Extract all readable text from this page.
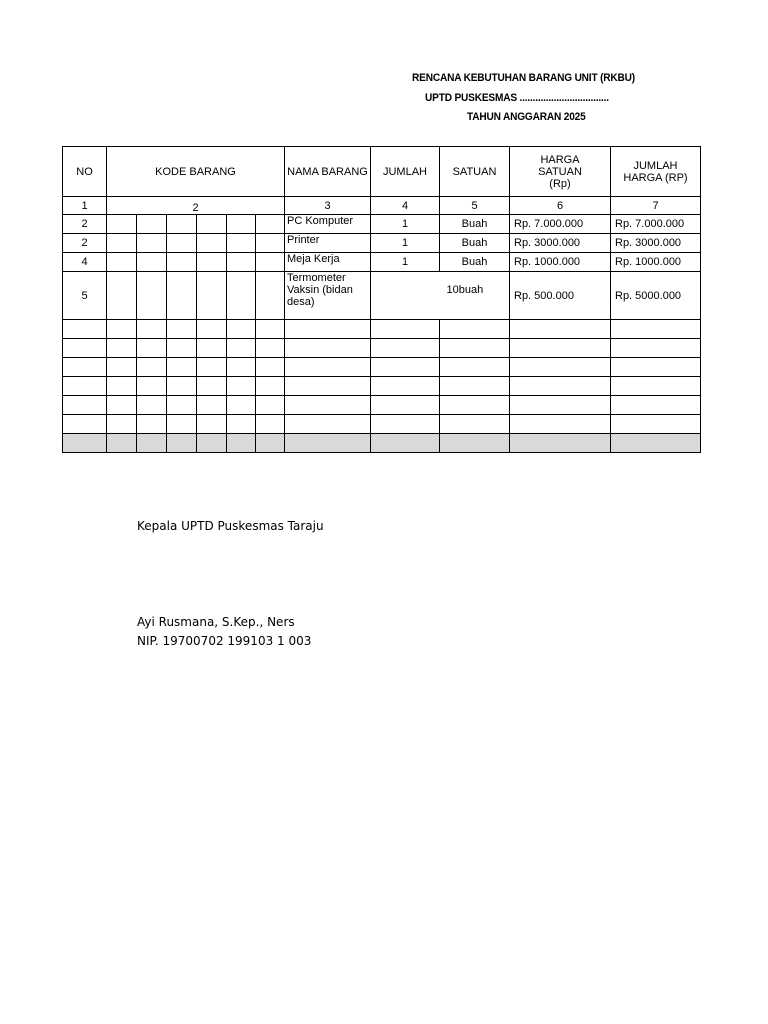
RENCANA KEBUTUHAN BARANG UNIT (RKBU)
UPTD PUSKESMAS ..................................
TAHUN ANGGARAN 2025
NO	KODE BARANG						NAMA BARANG	JUMLAH	SATUAN	HARGA SATUAN (Rp)	JUMLAH HARGA (RP)
1	2						3	4	5	6	7
2							PC Komputer	1	Buah	Rp. 7.000.000	Rp. 7.000.000
2							Printer	1	Buah	Rp. 3000.000	Rp. 3000.000
4							Meja Kerja	1	Buah	Rp. 1000.000	Rp. 1000.000
5							Termometer Vaksin (bidan desa)	10buah		Rp. 500.000	Rp. 5000.000

Kepala UPTD Puskesmas Taraju
Ayi Rusmana, S.Kep., Ners
NIP. 19700702 199103 1 003
